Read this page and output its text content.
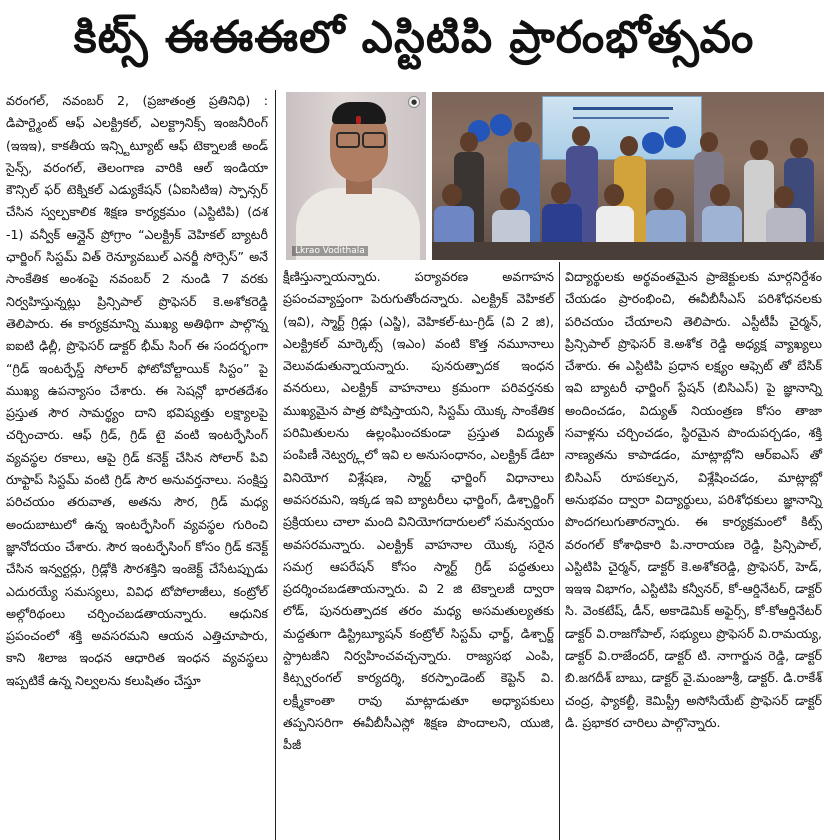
కిట్స్ ఈఈఈలో ఎస్టిటిపి ప్రారంభోత్సవం

వరంగల్, నవంబర్ 2, (ప్రజాతంత్ర ప్రతినిధి) : డిపార్ట్మెంట్ ఆఫ్ ఎలక్ట్రికల్, ఎలక్ట్రానిక్స్ ఇంజనీరింగ్ (ఇఇఇ), కాకతీయ ఇన్స్టిట్యూట్ ఆఫ్ టెక్నాలజీ అండ్ సైన్స్, వరంగల్, తెలంగాణ వారికి ఆల్ ఇండియా కౌన్సిల్ ఫర్ టెక్నికల్ ఎడ్యుకేషన్ (ఏఐసిటిఇ) స్పాన్సర్ చేసిన స్వల్పకాలిక శిక్షణ కార్యక్రమం (ఎస్టిటిపి) (దశ -1) వన్వీక్ ఆన్లైన్ ప్రోగ్రాం “ఎలక్ట్రిక్ వెహికల్ బ్యాటరీ ఛార్జింగ్ సిస్టమ్ విత్ రెన్యూవబుల్ ఎనర్జీ సోర్సెస్” అనే సాంకేతిక అంశంపై నవంబర్ 2 నుండి 7 వరకు నిర్వహిస్తున్నట్లు ప్రిన్సిపాల్ ప్రొఫెసర్ కె.అశోకరెడ్డి తెలిపారు. ఈ కార్యక్రమాన్ని ముఖ్య అతిథిగా పాల్గొన్న ఐఐటి ఢిల్లీ, ప్రొఫెసర్ డాక్టర్ భీమ్ సింగ్ ఈ సందర్భంగా “గ్రిడ్ ఇంటర్ఫేస్డ్ సోలార్ ఫోటోవోల్టాయిక్ సిస్టం” పై ముఖ్య ఉపన్యాసం చేశారు. ఈ సెషన్లో భారతదేశం ప్రస్తుత సౌర సామర్థ్యం దాని భవిష్యత్తు లక్ష్యాలపై చర్చించారు. ఆఫ్ గ్రిడ్, గ్రిడ్ టై వంటి ఇంటర్ఫేసింగ్ వ్యవస్థల రకాలు, ఆపై గ్రిడ్ కనెక్ట్ చేసిన సోలార్ పివి రూఫ్టాప్ సిస్టమ్ వంటి గ్రిడ్ సౌర అనువర్తనాలు. సంక్షిప్త పరిచయం తరువాత, అతను సౌర, గ్రిడ్ మధ్య అందుబాటులో ఉన్న ఇంటర్ఫేసింగ్ వ్యవస్థల గురించి జ్ఞానోదయం చేశారు. సౌర ఇంటర్ఫేసింగ్ కోసం గ్రిడ్ కనెక్ట్ చేసిన ఇన్వర్టర్లు, గ్రిడ్లోకి సౌరశక్తిని ఇంజెక్ట్ చేసేటప్పుడు ఎదురయ్యే సమస్యలు, వివిధ టోపోలాజీలు, కంట్రోల్ అల్గోరిథంలు చర్చించబడతాయన్నారు. ఆధునిక ప్రపంచంలో శక్తి అవసరమని ఆయన ఎత్తిచూపారు, కాని శిలాజ ఇంధన ఆధారిత ఇంధన వ్యవస్థలు ఇప్పటికే ఉన్న నిల్వలను కలుషితం చేస్తూ

●
Lkrao Vodithala

క్షీణిస్తున్నాయన్నారు. పర్యావరణ అవగాహన ప్రపంచవ్యాప్తంగా పెరుగుతోందన్నారు. ఎలక్ట్రిక్ వెహికల్ (ఇవి), స్మార్ట్ గ్రిడ్లు (ఎస్జి), వెహికల్-టు-గ్రిడ్ (వి 2 జి), ఎలక్ట్రికల్ మార్కెట్స్ (ఇఎం) వంటి కొత్త నమూనాలు వెలువడుతున్నాయన్నారు. పునరుత్పాదక ఇంధన వనరులు, ఎలక్ట్రిక్ వాహనాలు క్రమంగా పరివర్తనకు ముఖ్యమైన పాత్ర పోషిస్తాయని, సిస్టమ్ యొక్క సాంకేతిక పరిమితులను ఉల్లంఘించకుండా ప్రస్తుత విద్యుత్ పంపిణీ నెట్వర్క్లలో ఇవి ల అనుసంధానం, ఎలక్ట్రిక్ డేటా వినియోగ విశ్లేషణ, స్మార్ట్ ఛార్జింగ్ విధానాలు అవసరమని, ఇక్కడ ఇవి బ్యాటరీలు ఛార్జింగ్, డిశ్చార్జింగ్ ప్రక్రియలు చాలా మంది వినియోగదారులలో సమన్వయం అవసరమన్నారు. ఎలక్ట్రిక్ వాహనాల యొక్క సరైన సమగ్ర ఆపరేషన్ కోసం స్మార్ట్ గ్రిడ్ పద్ధతులు ప్రదర్శించబడతాయన్నారు. వి 2 జి టెక్నాలజీ ద్వారా లోడ్, పునరుత్పాదక తరం మధ్య అసమతుల్యతకు మద్దతుగా డిస్ట్రిబ్యూషన్ కంట్రోల్ సిస్టమ్ ఛార్జ్, డిశ్చార్జ్ స్ట్రాటజీని నిర్వహించవచ్చన్నారు. రాజ్యసభ ఎంపి, కిట్స్వరంగల్ కార్యదర్శి, కరస్పాండెంట్ కెప్టెన్ వి. లక్ష్మీకాంతా రావు మాట్లాడుతూ అధ్యాపకులు తప్పనిసరిగా ఈవీబీసీఎస్లో శిక్షణ పొందాలని, యుజి, పీజీ

విద్యార్థులకు అర్థవంతమైన ప్రాజెక్టులకు మార్గనిర్దేశం చేయడం ప్రారంభించి, ఈవీబీసీఎస్ పరిశోధనలకు పరిచయం చేయాలని తెలిపారు. ఎస్టీటీపీ చైర్మన్, ప్రిన్సిపాల్ ప్రొఫెసర్ కె.అశోక రెడ్డి అధ్యక్ష వ్యాఖ్యలు చేశారు. ఈ ఎస్టిటిపి ప్రధాన లక్ష్యం ఆఫ్సెట్ తో బేసిక్ ఇవి బ్యాటరీ ఛార్జింగ్ స్టేషన్ (బిసిఎస్) పై జ్ఞానాన్ని అందించడం, విద్యుత్ నియంత్రణ కోసం తాజా సవాళ్లను చర్చించడం, స్థిరమైన పొందుపర్చడం, శక్తి నాణ్యతను కాపాడడం, మాట్లాబ్లోని ఆర్ఐఎస్ తో బిసిఎస్ రూపకల్పన, విశ్లేషించడం, మాట్లాబ్లో అనుభవం ద్వారా విద్యార్థులు, పరిశోధకులు జ్ఞానాన్ని పొందగలుగుతారన్నారు. ఈ కార్యక్రమంలో కిట్స్ వరంగల్ కోశాధికారి పి.నారాయణ రెడ్డి, ప్రిన్సిపాల్, ఎస్టిటిపి చైర్మన్, డాక్టర్ కె.అశోకరెడ్డి, ప్రొఫెసర్, హెడ్, ఇఇఇ విభాగం, ఎస్టిటిపి కన్వీనర్, కో-ఆర్డినేటర్, డాక్టర్ సి. వెంకటేష్, డీన్, అకాడెమిక్ అఫైర్స్, కో-కోఆర్డినేటర్ డాక్టర్ వి.రాజగోపాల్, సభ్యులు ప్రొఫెసర్ వి.రామయ్య, డాక్టర్ వి.రాజేందర్, డాక్టర్ టి. నాగార్జున రెడ్డి, డాక్టర్ బి.జగదీశ్ బాబు, డాక్టర్ వై.మంజూశ్రీ, డాక్టర్. డి.రాకేశ్ చంద్ర, ఫ్యాకల్టీ, కెమిస్ట్రీ అసోసియేట్ ప్రొఫెసర్ డాక్టర్ డి. ప్రభాకర చారిలు పాల్గొన్నారు.
